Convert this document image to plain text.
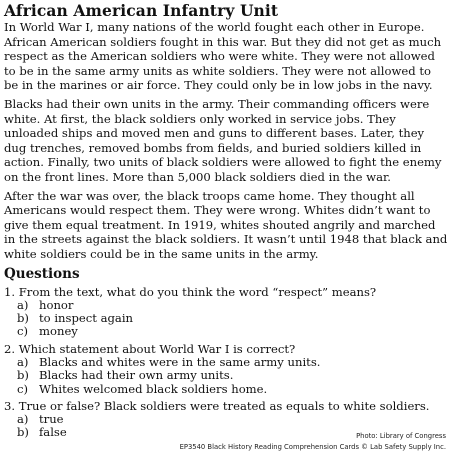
African American Infantry Unit

In World War I, many nations of the world fought each other in Europe. African American soldiers fought in this war. But they did not get as much respect as the American soldiers who were white. They were not allowed to be in the same army units as white soldiers. They were not allowed to be in the marines or air force. They could only be in low jobs in the navy.

Blacks had their own units in the army. Their commanding officers were white. At first, the black soldiers only worked in service jobs. They unloaded ships and moved men and guns to different bases. Later, they dug trenches, removed bombs from fields, and buried soldiers killed in action. Finally, two units of black soldiers were allowed to fight the enemy on the front lines. More than 5,000 black soldiers died in the war.

After the war was over, the black troops came home. They thought all Americans would respect them. They were wrong. Whites didn’t want to give them equal treatment. In 1919, whites shouted angrily and marched in the streets against the black soldiers. It wasn’t until 1948 that black and white soldiers could be in the same units in the army.

Questions
1. From the text, what do you think the word “respect” means?
a) honor
b) to inspect again
c) money
2. Which statement about World War I is correct?
a) Blacks and whites were in the same army units.
b) Blacks had their own army units.
c) Whites welcomed black soldiers home.
3. True or false? Black soldiers were treated as equals to white soldiers.
a) true
b) false	Photo: Library of Congress
EP3540 Black History Reading Comprehension Cards © Lab Safety Supply Inc.
